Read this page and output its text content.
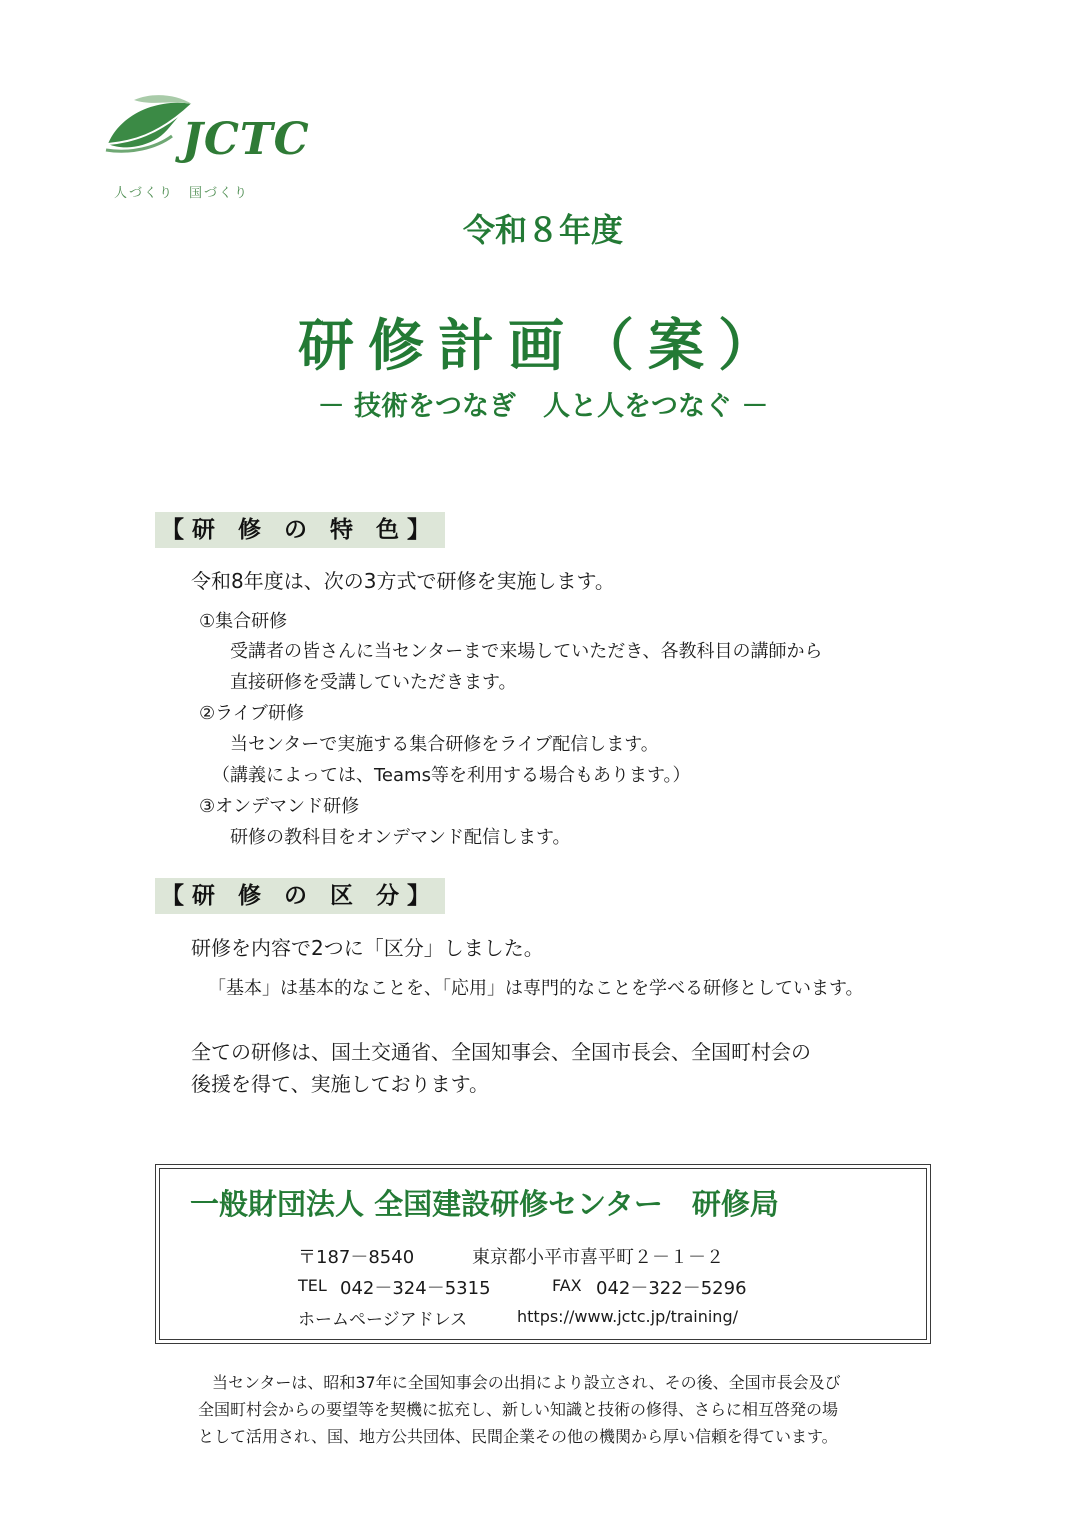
JCTC
人づくり　国づくり
令和８年度
研修計画（案）
－ 技術をつなぎ　人と人をつなぐ －
【 研　修　の　特　色 】
令和8年度は、次の3方式で研修を実施します。
①集合研修
受講者の皆さんに当センターまで来場していただき、各教科目の講師から
直接研修を受講していただきます。
②ライブ研修
当センターで実施する集合研修をライブ配信します。
（講義によっては、Teams等を利用する場合もあります。）
③オンデマンド研修
研修の教科目をオンデマンド配信します。
【 研　修　の　区　分 】
研修を内容で2つに「区分」しました。
「基本」は基本的なことを、「応用」は専門的なことを学べる研修としています。
全ての研修は、国土交通省、全国知事会、全国市長会、全国町村会の
後援を得て、実施しております。
一般財団法人 全国建設研修センター　研修局
〒187－8540	東京都小平市喜平町２－１－２
TEL 042－324－5315	FAX 042－322－5296
ホームページアドレス	https://www.jctc.jp/training/
当センターは、昭和37年に全国知事会の出捐により設立され、その後、全国市長会及び
全国町村会からの要望等を契機に拡充し、新しい知識と技術の修得、さらに相互啓発の場
として活用され、国、地方公共団体、民間企業その他の機関から厚い信頼を得ています。
